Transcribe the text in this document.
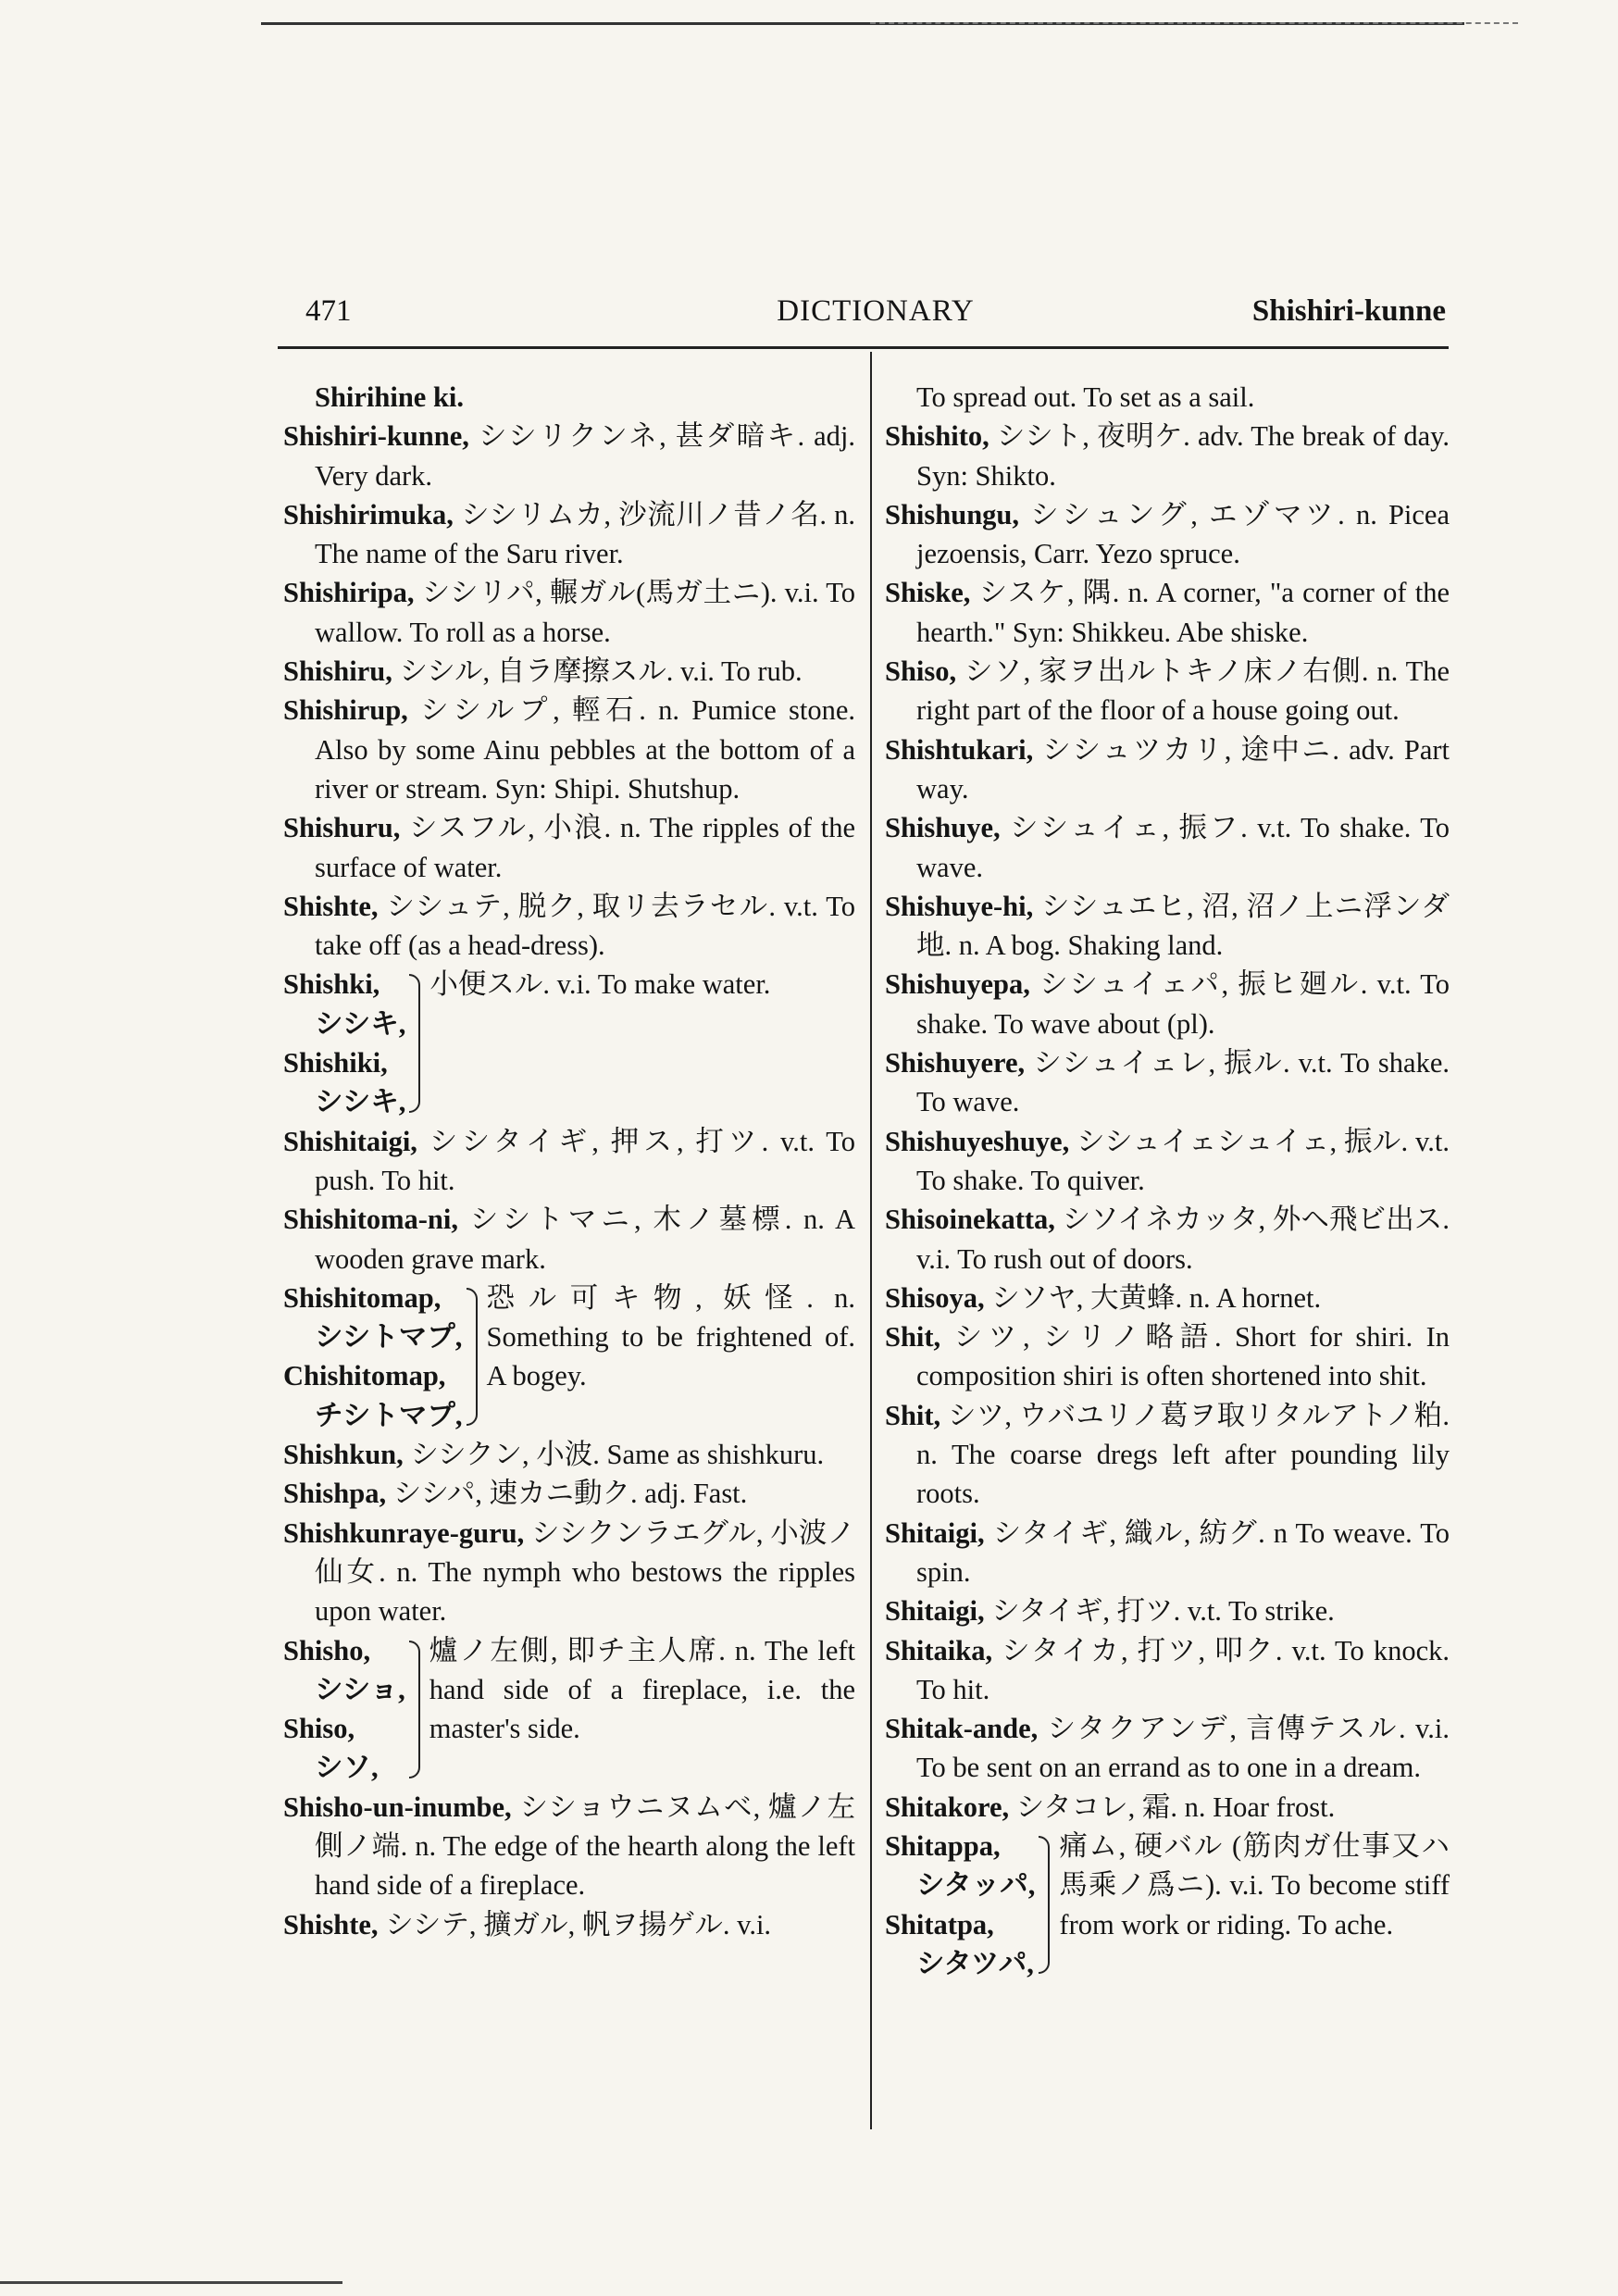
471	DICTIONARY	Shishiri-kunne
Shirihine ki.
Shishiri-kunne, シシリクンネ, 甚ダ暗キ. adj. Very dark.
Shishirimuka, シシリムカ, 沙流川ノ昔ノ名. n. The name of the Saru river.
Shishiripa, シシリパ, 輾ガル(馬ガ土ニ). v.i. To wallow. To roll as a horse.
Shishiru, シシル, 自ラ摩擦スル. v.i. To rub.
Shishirup, シシルプ, 輕石. n. Pumice stone. Also by some Ainu pebbles at the bottom of a river or stream. Syn: Shipi. Shutshup.
Shishuru, シスフル, 小浪. n. The ripples of the surface of water.
Shishte, シシュテ, 脱ク, 取リ去ラセル. v.t. To take off (as a head-dress).
Shishki,
シシキ,
Shishiki,
シシキ,
小便スル. v.i. To make water.
Shishitaigi, シシタイギ, 押ス, 打ツ. v.t. To push. To hit.
Shishitoma-ni, シシトマニ, 木ノ墓標. n. A wooden grave mark.
Shishitomap,
シシトマプ,
Chishitomap,
チシトマプ,
恐ル可キ物, 妖怪. n. Something to be frightened of. A bogey.
Shishkun, シシクン, 小波. Same as shishkuru.
Shishpa, シシパ, 速カニ動ク. adj. Fast.
Shishkunraye-guru, シシクンラエグル, 小波ノ仙女. n. The nymph who bestows the ripples upon water.
Shisho,
シショ,
Shiso,
シソ,
爐ノ左側, 即チ主人席. n. The left hand side of a fireplace, i.e. the master's side.
Shisho-un-inumbe, シショウニヌムベ, 爐ノ左側ノ端. n. The edge of the hearth along the left hand side of a fireplace.
Shishte, シシテ, 擴ガル, 帆ヲ揚ゲル. v.i.
To spread out. To set as a sail.
Shishito, シシト, 夜明ケ. adv. The break of day. Syn: Shikto.
Shishungu, シシュング, エゾマツ. n. Picea jezoensis, Carr. Yezo spruce.
Shiske, シスケ, 隅. n. A corner, "a corner of the hearth." Syn: Shikkeu. Abe shiske.
Shiso, シソ, 家ヲ出ルトキノ床ノ右側. n. The right part of the floor of a house going out.
Shishtukari, シシュツカリ, 途中ニ. adv. Part way.
Shishuye, シシュイェ, 振フ. v.t. To shake. To wave.
Shishuye-hi, シシュエヒ, 沼, 沼ノ上ニ浮ンダ地. n. A bog. Shaking land.
Shishuyepa, シシュイェパ, 振ヒ廻ル. v.t. To shake. To wave about (pl).
Shishuyere, シシュイェレ, 振ル. v.t. To shake. To wave.
Shishuyeshuye, シシュイェシュイェ, 振ル. v.t. To shake. To quiver.
Shisoinekatta, シソイネカッタ, 外ヘ飛ビ出ス. v.i. To rush out of doors.
Shisoya, シソヤ, 大黄蜂. n. A hornet.
Shit, シツ, シリノ略語. Short for shiri. In composition shiri is often shortened into shit.
Shit, シツ, ウバユリノ葛ヲ取リタルアトノ粕. n. The coarse dregs left after pounding lily roots.
Shitaigi, シタイギ, 織ル, 紡グ. n To weave. To spin.
Shitaigi, シタイギ, 打ツ. v.t. To strike.
Shitaika, シタイカ, 打ツ, 叩ク. v.t. To knock. To hit.
Shitak-ande, シタクアンデ, 言傳テスル. v.i. To be sent on an errand as to one in a dream.
Shitakore, シタコレ, 霜. n. Hoar frost.
Shitappa,
シタッパ,
Shitatpa,
シタツパ,
痛ム, 硬バル (筋肉ガ仕事又ハ馬乘ノ爲ニ). v.i. To become stiff from work or riding. To ache.
